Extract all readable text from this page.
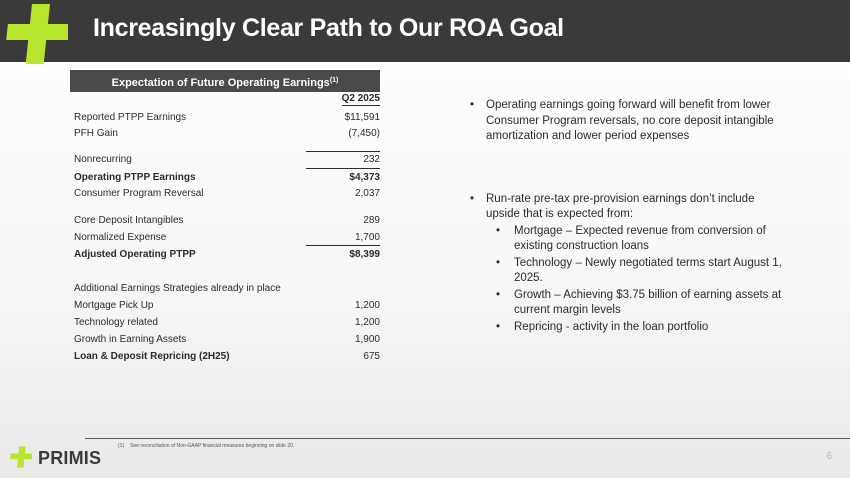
Increasingly Clear Path to Our ROA Goal
Expectation of Future Operating Earnings$^{(1)}$
Q2 2025
Reported PTPP Earnings	$11,591
PFH Gain	(7,450)
Nonrecurring	232
Operating PTPP Earnings	$4,373
Consumer Program Reversal	2,037
Core Deposit Intangibles	289
Normalized Expense	1,700
Adjusted Operating PTPP	$8,399
Additional Earnings Strategies already in place
Mortgage Pick Up	1,200
Technology related	1,200
Growth in Earning Assets	1,900
Loan & Deposit Repricing (2H25)	675
• Operating earnings going forward will benefit from lower Consumer Program reversals, no core deposit intangible amortization and lower period expenses
• Run-rate pre-tax pre-provision earnings don’t include upside that is expected from:
• Mortgage – Expected revenue from conversion of existing construction loans
• Technology – Newly negotiated terms start August 1, 2025.
• Growth – Achieving $3.75 billion of earning assets at current margin levels
• Repricing - activity in the loan portfolio
(1) See reconciliation of Non-GAAP financial measures beginning on slide 20.
PRIMIS	6
